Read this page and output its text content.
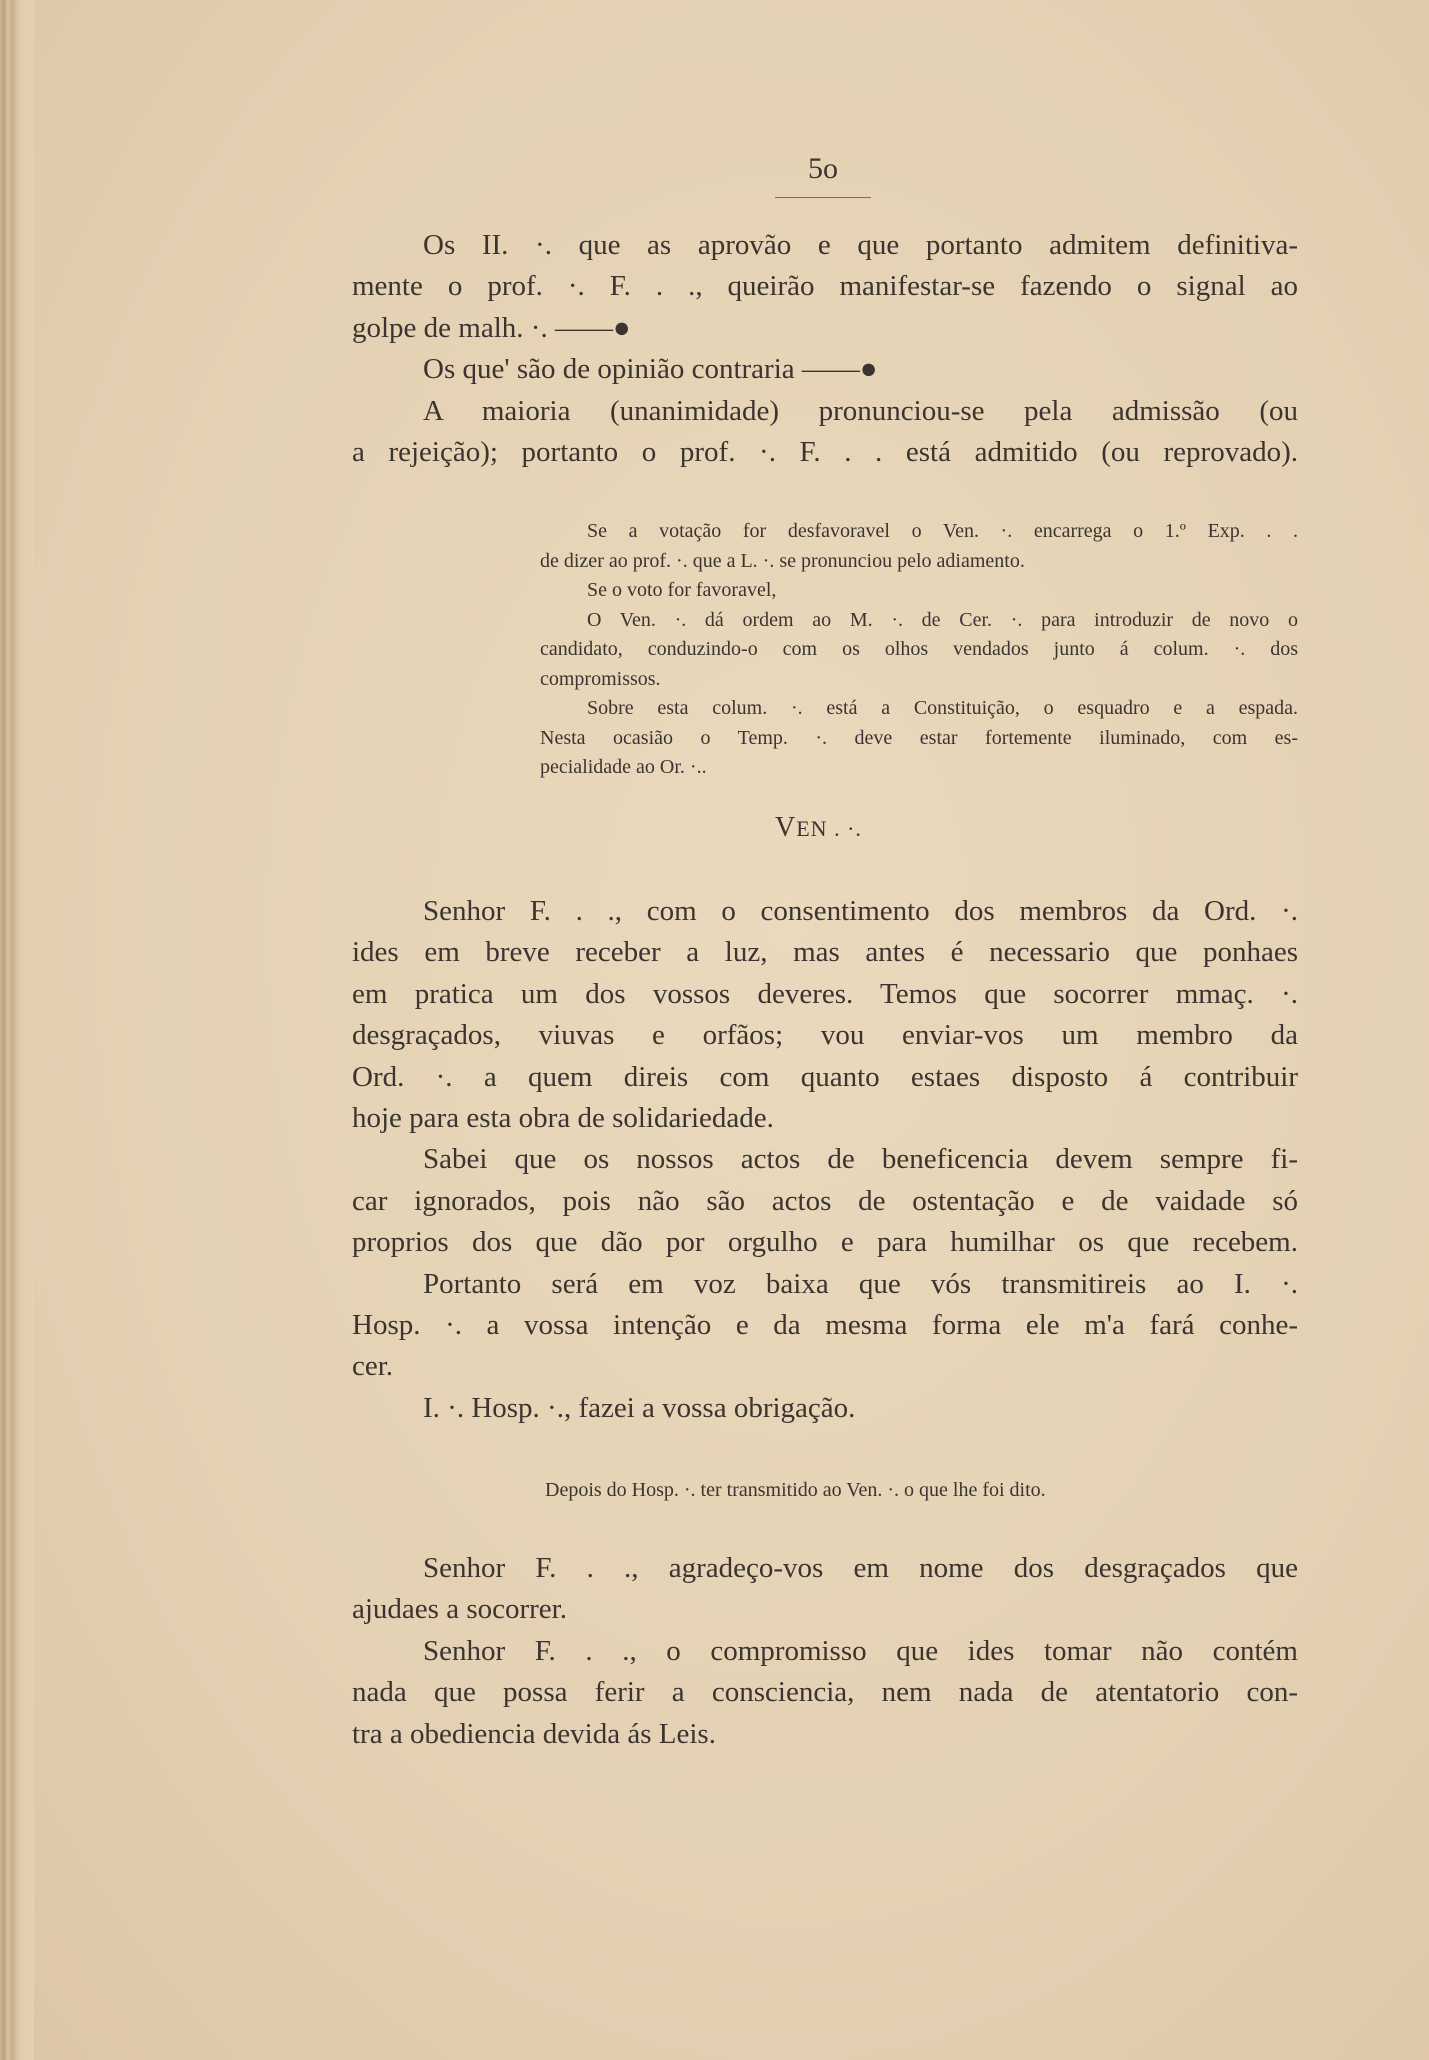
5o
Os II. ·. que as aprovão e que portanto admitem definitiva-
mente o prof. ·. F. . ., queirão manifestar-se fazendo o signal ao
golpe de malh. ·. ——●
Os que' são de opinião contraria ——●
A maioria (unanimidade) pronunciou-se pela admissão (ou
a rejeição); portanto o prof. ·. F. . . está admitido (ou reprovado).
Se a votação for desfavoravel o Ven. ·. encarrega o 1.º Exp. . .
de dizer ao prof. ·. que a L. ·. se pronunciou pelo adiamento.
Se o voto for favoravel,
O Ven. ·. dá ordem ao M. ·. de Cer. ·. para introduzir de novo o
candidato, conduzindo-o com os olhos vendados junto á colum. ·. dos
compromissos.
Sobre esta colum. ·. está a Constituição, o esquadro e a espada.
Nesta ocasião o Temp. ·. deve estar fortemente iluminado, com es-
pecialidade ao Or. ·..
VEN . ·.
Senhor F. . ., com o consentimento dos membros da Ord. ·.
ides em breve receber a luz, mas antes é necessario que ponhaes
em pratica um dos vossos deveres. Temos que socorrer mmaç. ·.
desgraçados, viuvas e orfãos; vou enviar-vos um membro da
Ord. ·. a quem direis com quanto estaes disposto á contribuir
hoje para esta obra de solidariedade.
Sabei que os nossos actos de beneficencia devem sempre fi-
car ignorados, pois não são actos de ostentação e de vaidade só
proprios dos que dão por orgulho e para humilhar os que recebem.
Portanto será em voz baixa que vós transmitireis ao I. ·.
Hosp. ·. a vossa intenção e da mesma forma ele m'a fará conhe-
cer.
I. ·. Hosp. ·., fazei a vossa obrigação.
Depois do Hosp. ·. ter transmitido ao Ven. ·. o que lhe foi dito.
Senhor F. . ., agradeço-vos em nome dos desgraçados que
ajudaes a socorrer.
Senhor F. . ., o compromisso que ides tomar não contém
nada que possa ferir a consciencia, nem nada de atentatorio con-
tra a obediencia devida ás Leis.
